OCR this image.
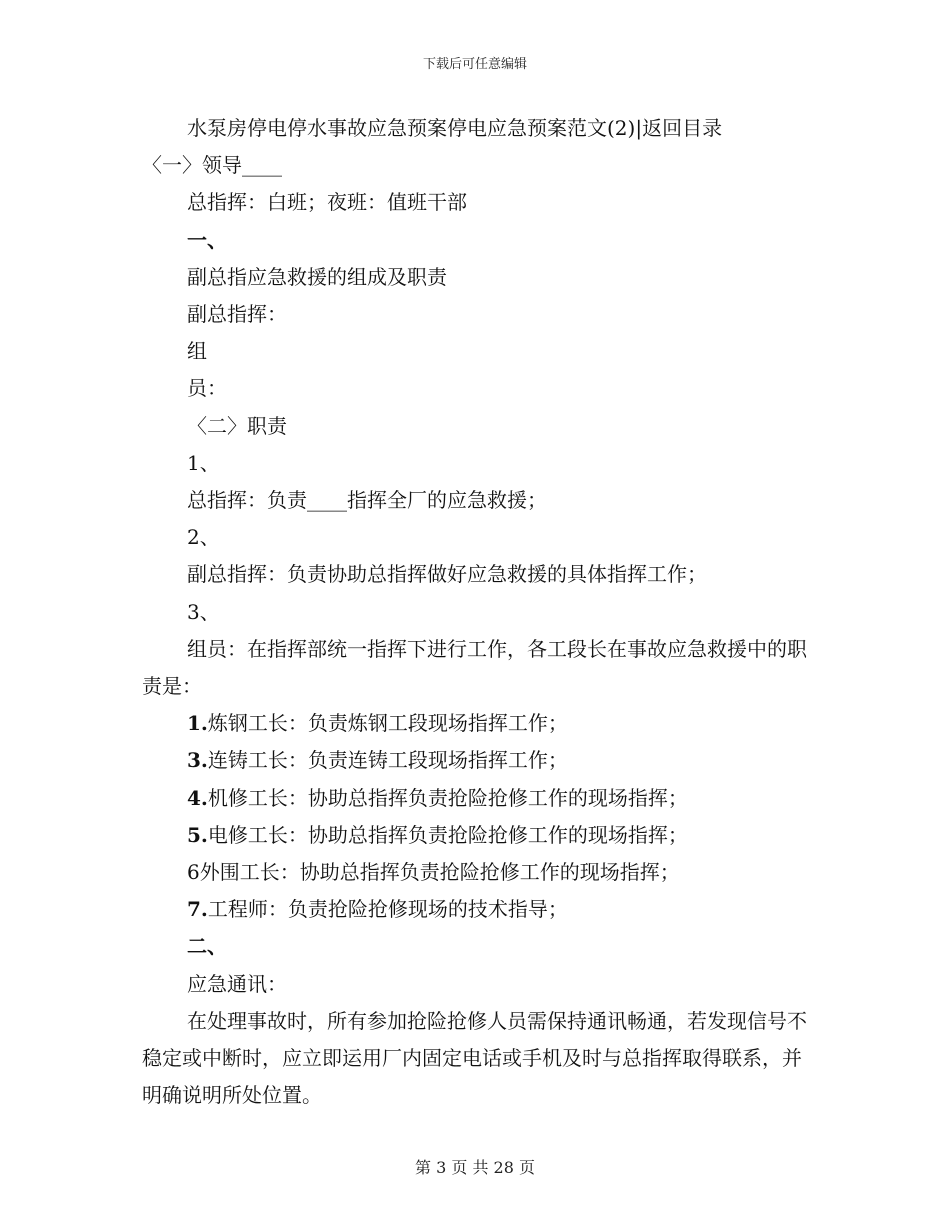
下载后可任意编辑
水泵房停电停水事故应急预案停电应急预案范文(2)|返回目录
〈一〉领导____
总指挥：白班；夜班：值班干部
一、
副总指应急救援的组成及职责
副总指挥：
组
员：
〈二〉职责
1、
总指挥：负责____指挥全厂的应急救援；
2、
副总指挥：负责协助总指挥做好应急救援的具体指挥工作；
3、
组员：在指挥部统一指挥下进行工作，各工段长在事故应急救援中的职责是：
1.炼钢工长：负责炼钢工段现场指挥工作；
3.连铸工长：负责连铸工段现场指挥工作；
4.机修工长：协助总指挥负责抢险抢修工作的现场指挥；
5.电修工长：协助总指挥负责抢险抢修工作的现场指挥；
6外围工长：协助总指挥负责抢险抢修工作的现场指挥；
7.工程师：负责抢险抢修现场的技术指导；
二、
应急通讯：
在处理事故时，所有参加抢险抢修人员需保持通讯畅通，若发现信号不稳定或中断时，应立即运用厂内固定电话或手机及时与总指挥取得联系，并明确说明所处位置。
第 3 页 共 28 页
